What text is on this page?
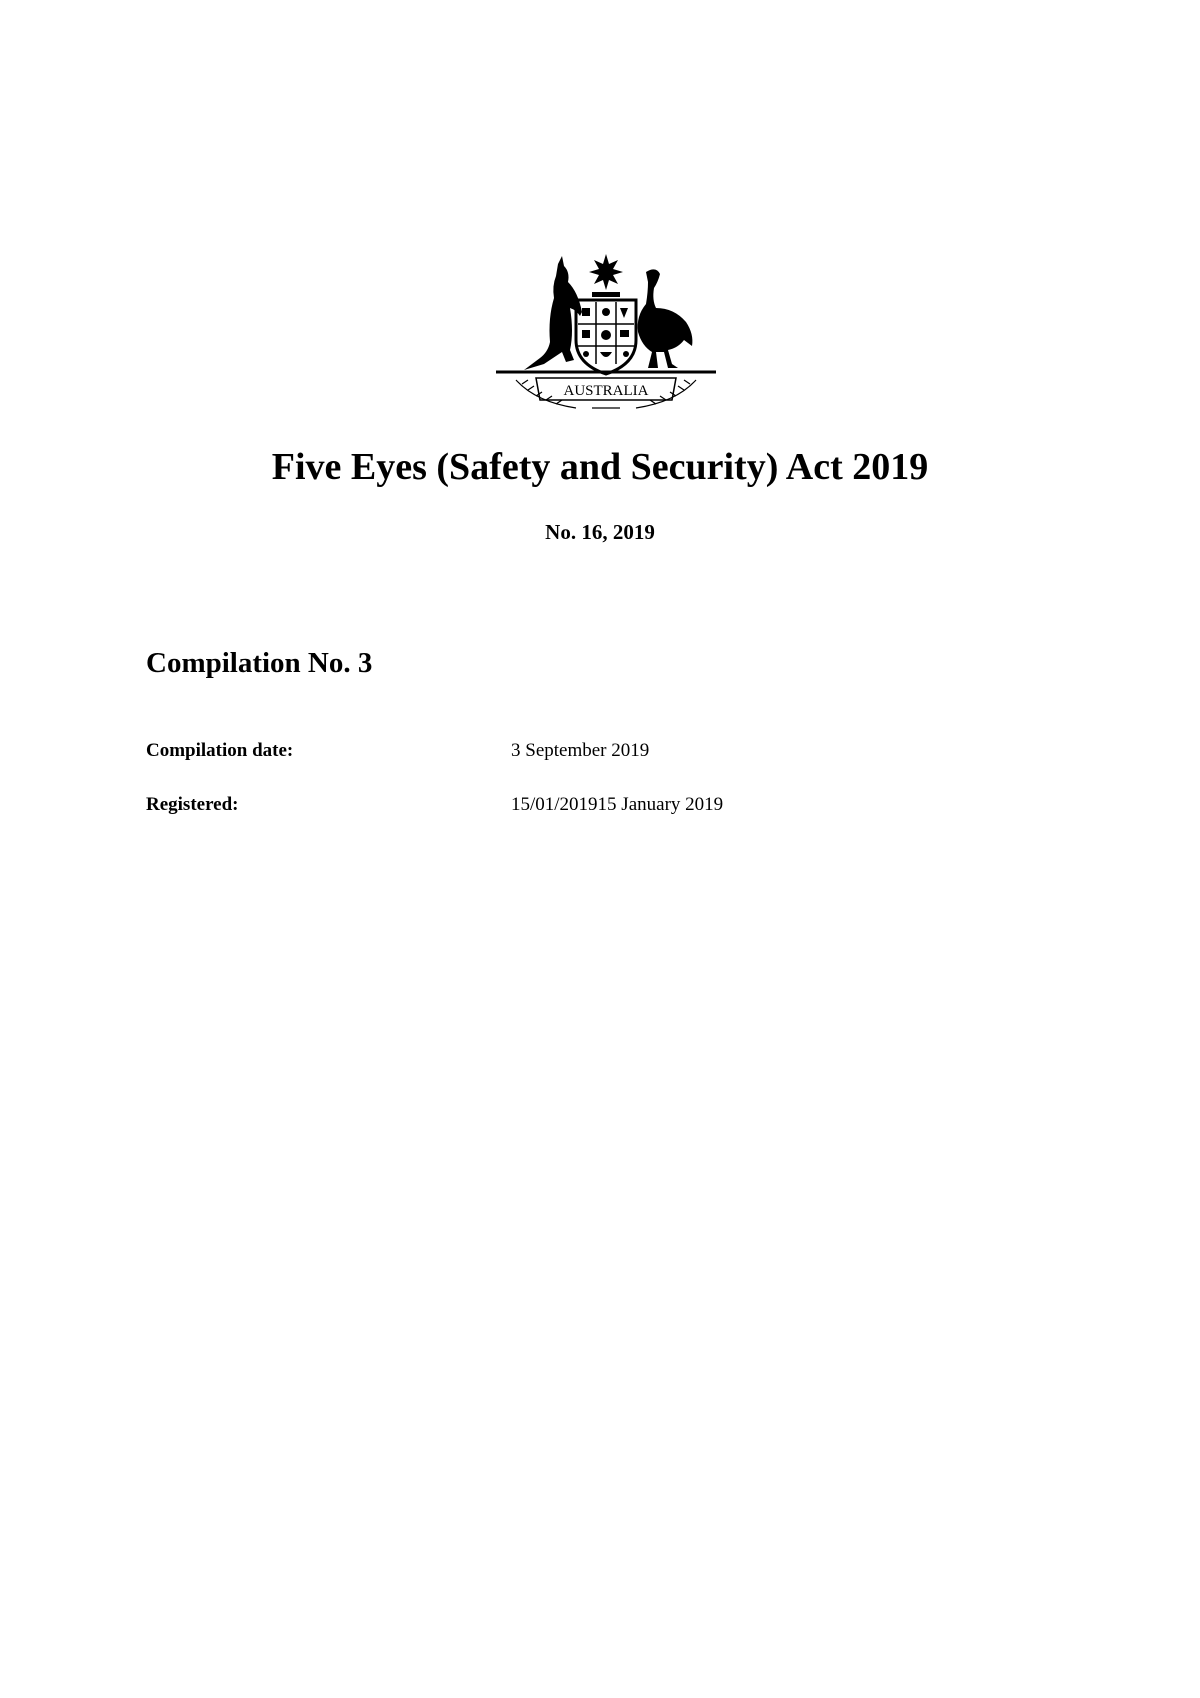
AUSTRALIA
Five Eyes (Safety and Security) Act 2019
No. 16, 2019
Compilation No. 3
Compilation date:	3 September 2019
Registered:	15/01/201915 January 2019
